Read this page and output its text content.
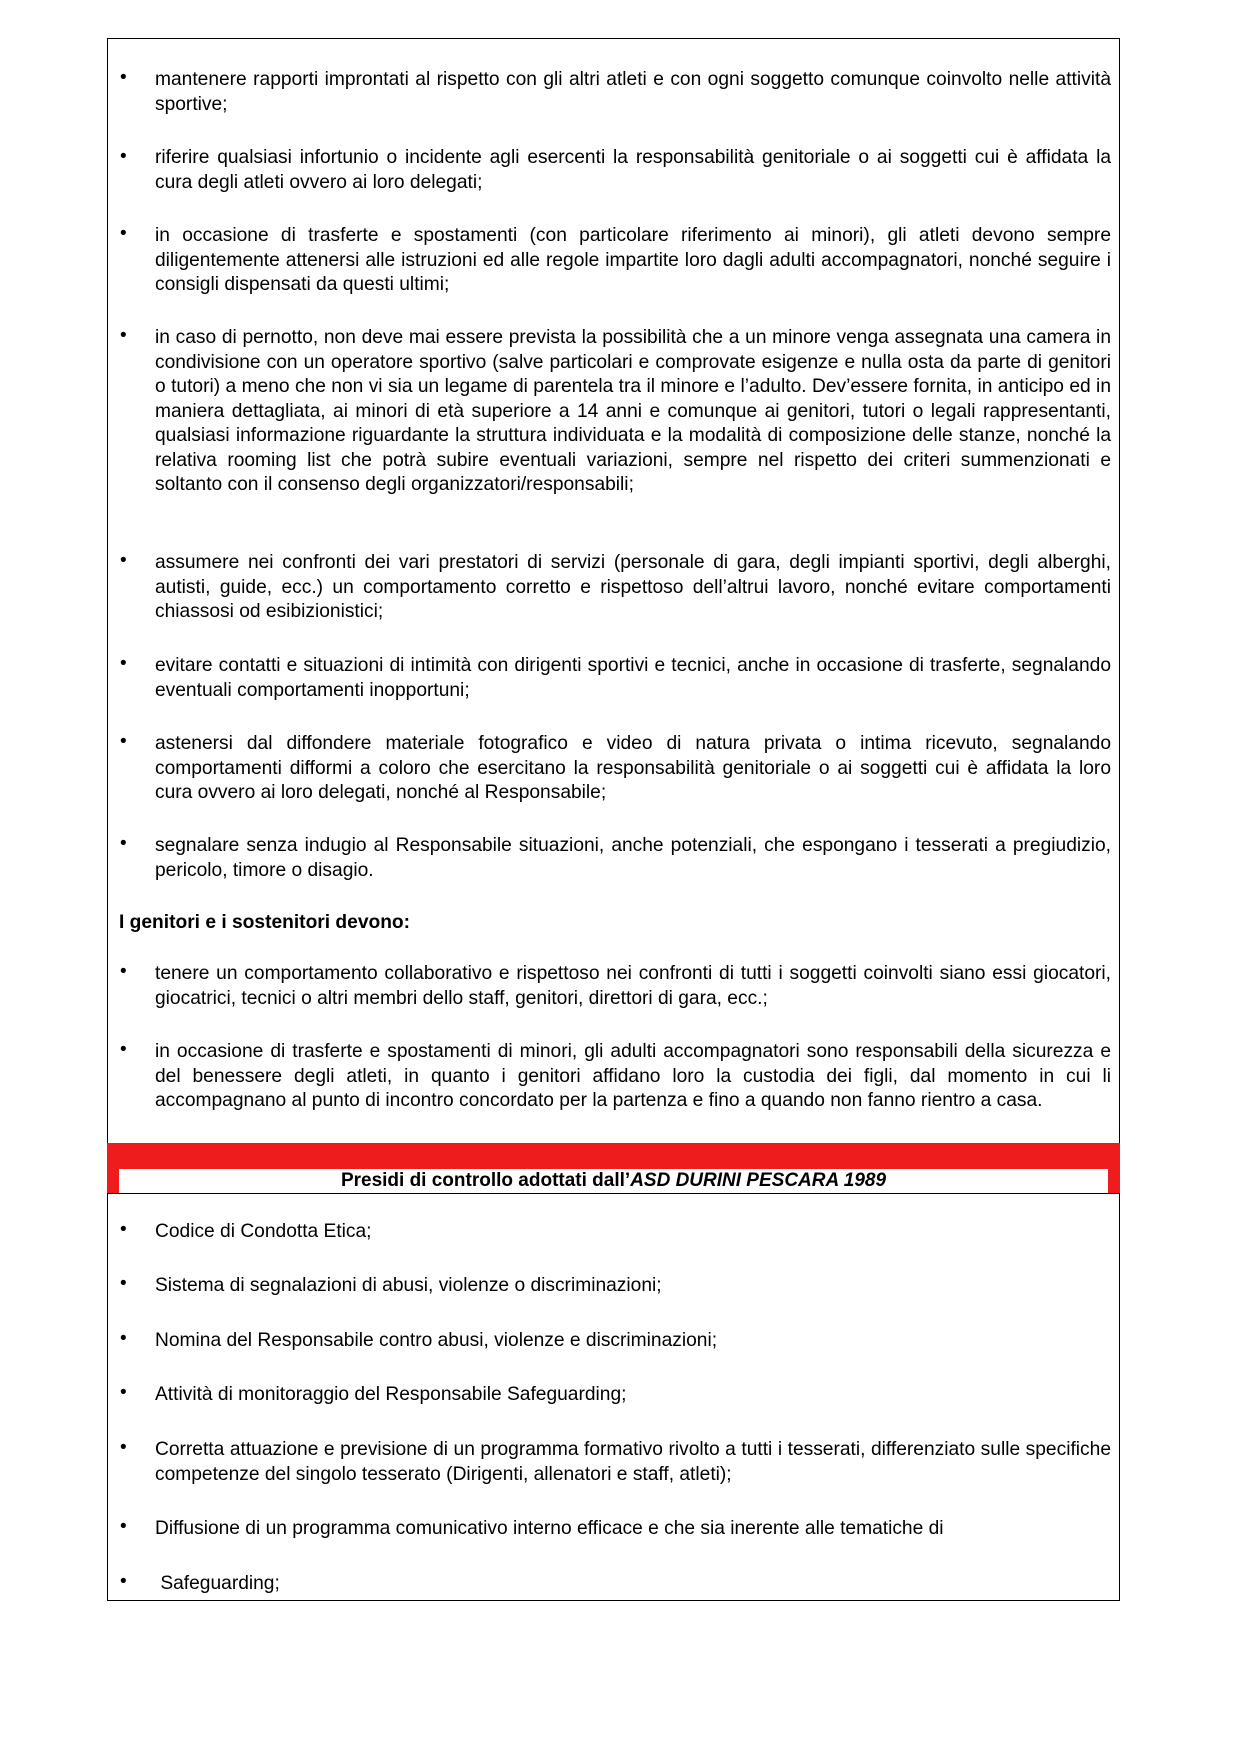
• mantenere rapporti improntati al rispetto con gli altri atleti e con ogni soggetto comunque coinvolto nelle attività sportive;
• riferire qualsiasi infortunio o incidente agli esercenti la responsabilità genitoriale o ai soggetti cui è affidata la cura degli atleti ovvero ai loro delegati;
• in occasione di trasferte e spostamenti (con particolare riferimento ai minori), gli atleti devono sempre diligentemente attenersi alle istruzioni ed alle regole impartite loro dagli adulti accompagnatori, nonché seguire i consigli dispensati da questi ultimi;
• in caso di pernotto, non deve mai essere prevista la possibilità che a un minore venga assegnata una camera in condivisione con un operatore sportivo (salve particolari e comprovate esigenze e nulla osta da parte di genitori o tutori) a meno che non vi sia un legame di parentela tra il minore e l’adulto. Dev’essere fornita, in anticipo ed in maniera dettagliata, ai minori di età superiore a 14 anni e comunque ai genitori, tutori o legali rappresentanti, qualsiasi informazione riguardante la struttura individuata e la modalità di composizione delle stanze, nonché la relativa rooming list che potrà subire eventuali variazioni, sempre nel rispetto dei criteri summenzionati e soltanto con il consenso degli organizzatori/responsabili;
• assumere nei confronti dei vari prestatori di servizi (personale di gara, degli impianti sportivi, degli alberghi, autisti, guide, ecc.) un comportamento corretto e rispettoso dell’altrui lavoro, nonché evitare comportamenti chiassosi od esibizionistici;
• evitare contatti e situazioni di intimità con dirigenti sportivi e tecnici, anche in occasione di trasferte, segnalando eventuali comportamenti inopportuni;
• astenersi dal diffondere materiale fotografico e video di natura privata o intima ricevuto, segnalando comportamenti difformi a coloro che esercitano la responsabilità genitoriale o ai soggetti cui è affidata la loro cura ovvero ai loro delegati, nonché al Responsabile;
• segnalare senza indugio al Responsabile situazioni, anche potenziali, che espongano i tesserati a pregiudizio, pericolo, timore o disagio.
I genitori e i sostenitori devono:
• tenere un comportamento collaborativo e rispettoso nei confronti di tutti i soggetti coinvolti siano essi giocatori, giocatrici, tecnici o altri membri dello staff, genitori, direttori di gara, ecc.;
• in occasione di trasferte e spostamenti di minori, gli adulti accompagnatori sono responsabili della sicurezza e del benessere degli atleti, in quanto i genitori affidano loro la custodia dei figli, dal momento in cui li accompagnano al punto di incontro concordato per la partenza e fino a quando non fanno rientro a casa.
Presidi di controllo adottati dall’ASD DURINI PESCARA 1989
• Codice di Condotta Etica;
• Sistema di segnalazioni di abusi, violenze o discriminazioni;
• Nomina del Responsabile contro abusi, violenze e discriminazioni;
• Attività di monitoraggio del Responsabile Safeguarding;
• Corretta attuazione e previsione di un programma formativo rivolto a tutti i tesserati, differenziato sulle specifiche competenze del singolo tesserato (Dirigenti, allenatori e staff, atleti);
• Diffusione di un programma comunicativo interno efficace e che sia inerente alle tematiche di
• Safeguarding;
